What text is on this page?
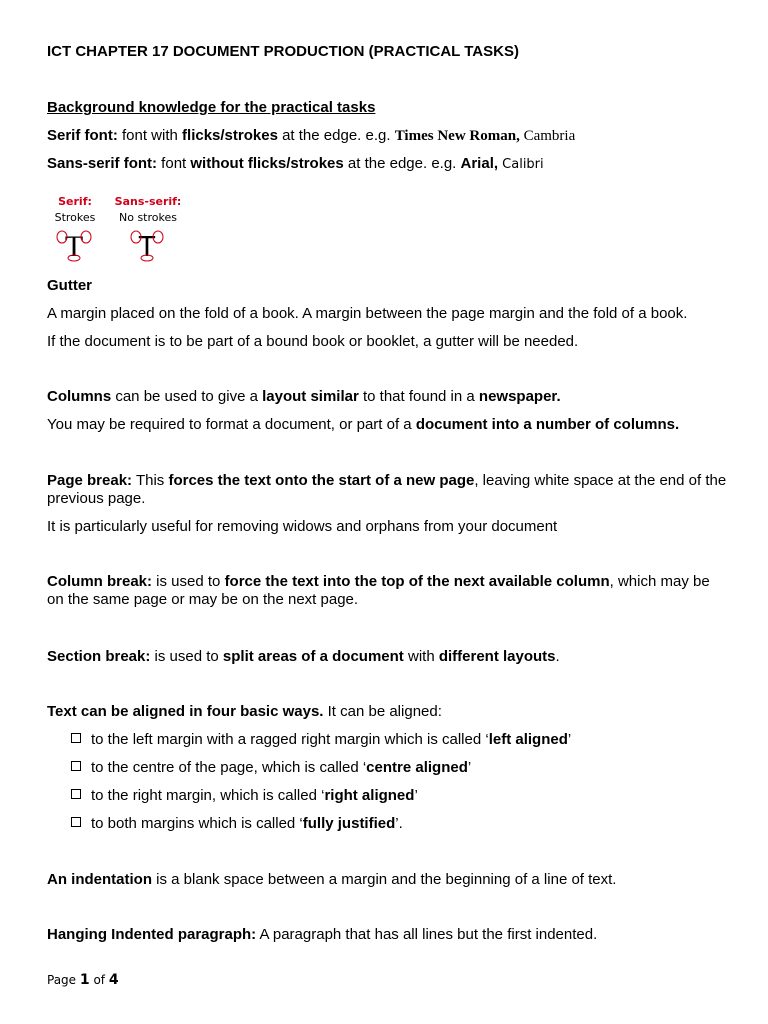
ICT CHAPTER 17 DOCUMENT PRODUCTION (PRACTICAL TASKS)
Background knowledge for the practical tasks
Serif font: font with flicks/strokes at the edge. e.g. Times New Roman, Cambria
Sans-serif font: font without flicks/strokes at the edge. e.g. Arial, Calibri
Serif:
Strokes
Sans-serif:
No strokes
T T
Gutter
A margin placed on the fold of a book. A margin between the page margin and the fold of a book.
If the document is to be part of a bound book or booklet, a gutter will be needed.
Columns can be used to give a layout similar to that found in a newspaper.
You may be required to format a document, or part of a document into a number of columns.
Page break: This forces the text onto the start of a new page, leaving white space at the end of the previous page.
It is particularly useful for removing widows and orphans from your document
Column break: is used to force the text into the top of the next available column, which may be on the same page or may be on the next page.
Section break: is used to split areas of a document with different layouts.
Text can be aligned in four basic ways. It can be aligned:
to the left margin with a ragged right margin which is called ‘left aligned’
to the centre of the page, which is called ‘centre aligned’
to the right margin, which is called ‘right aligned’
to both margins which is called ‘fully justified’.
An indentation is a blank space between a margin and the beginning of a line of text.
Hanging Indented paragraph: A paragraph that has all lines but the first indented.
Page 1 of 4
